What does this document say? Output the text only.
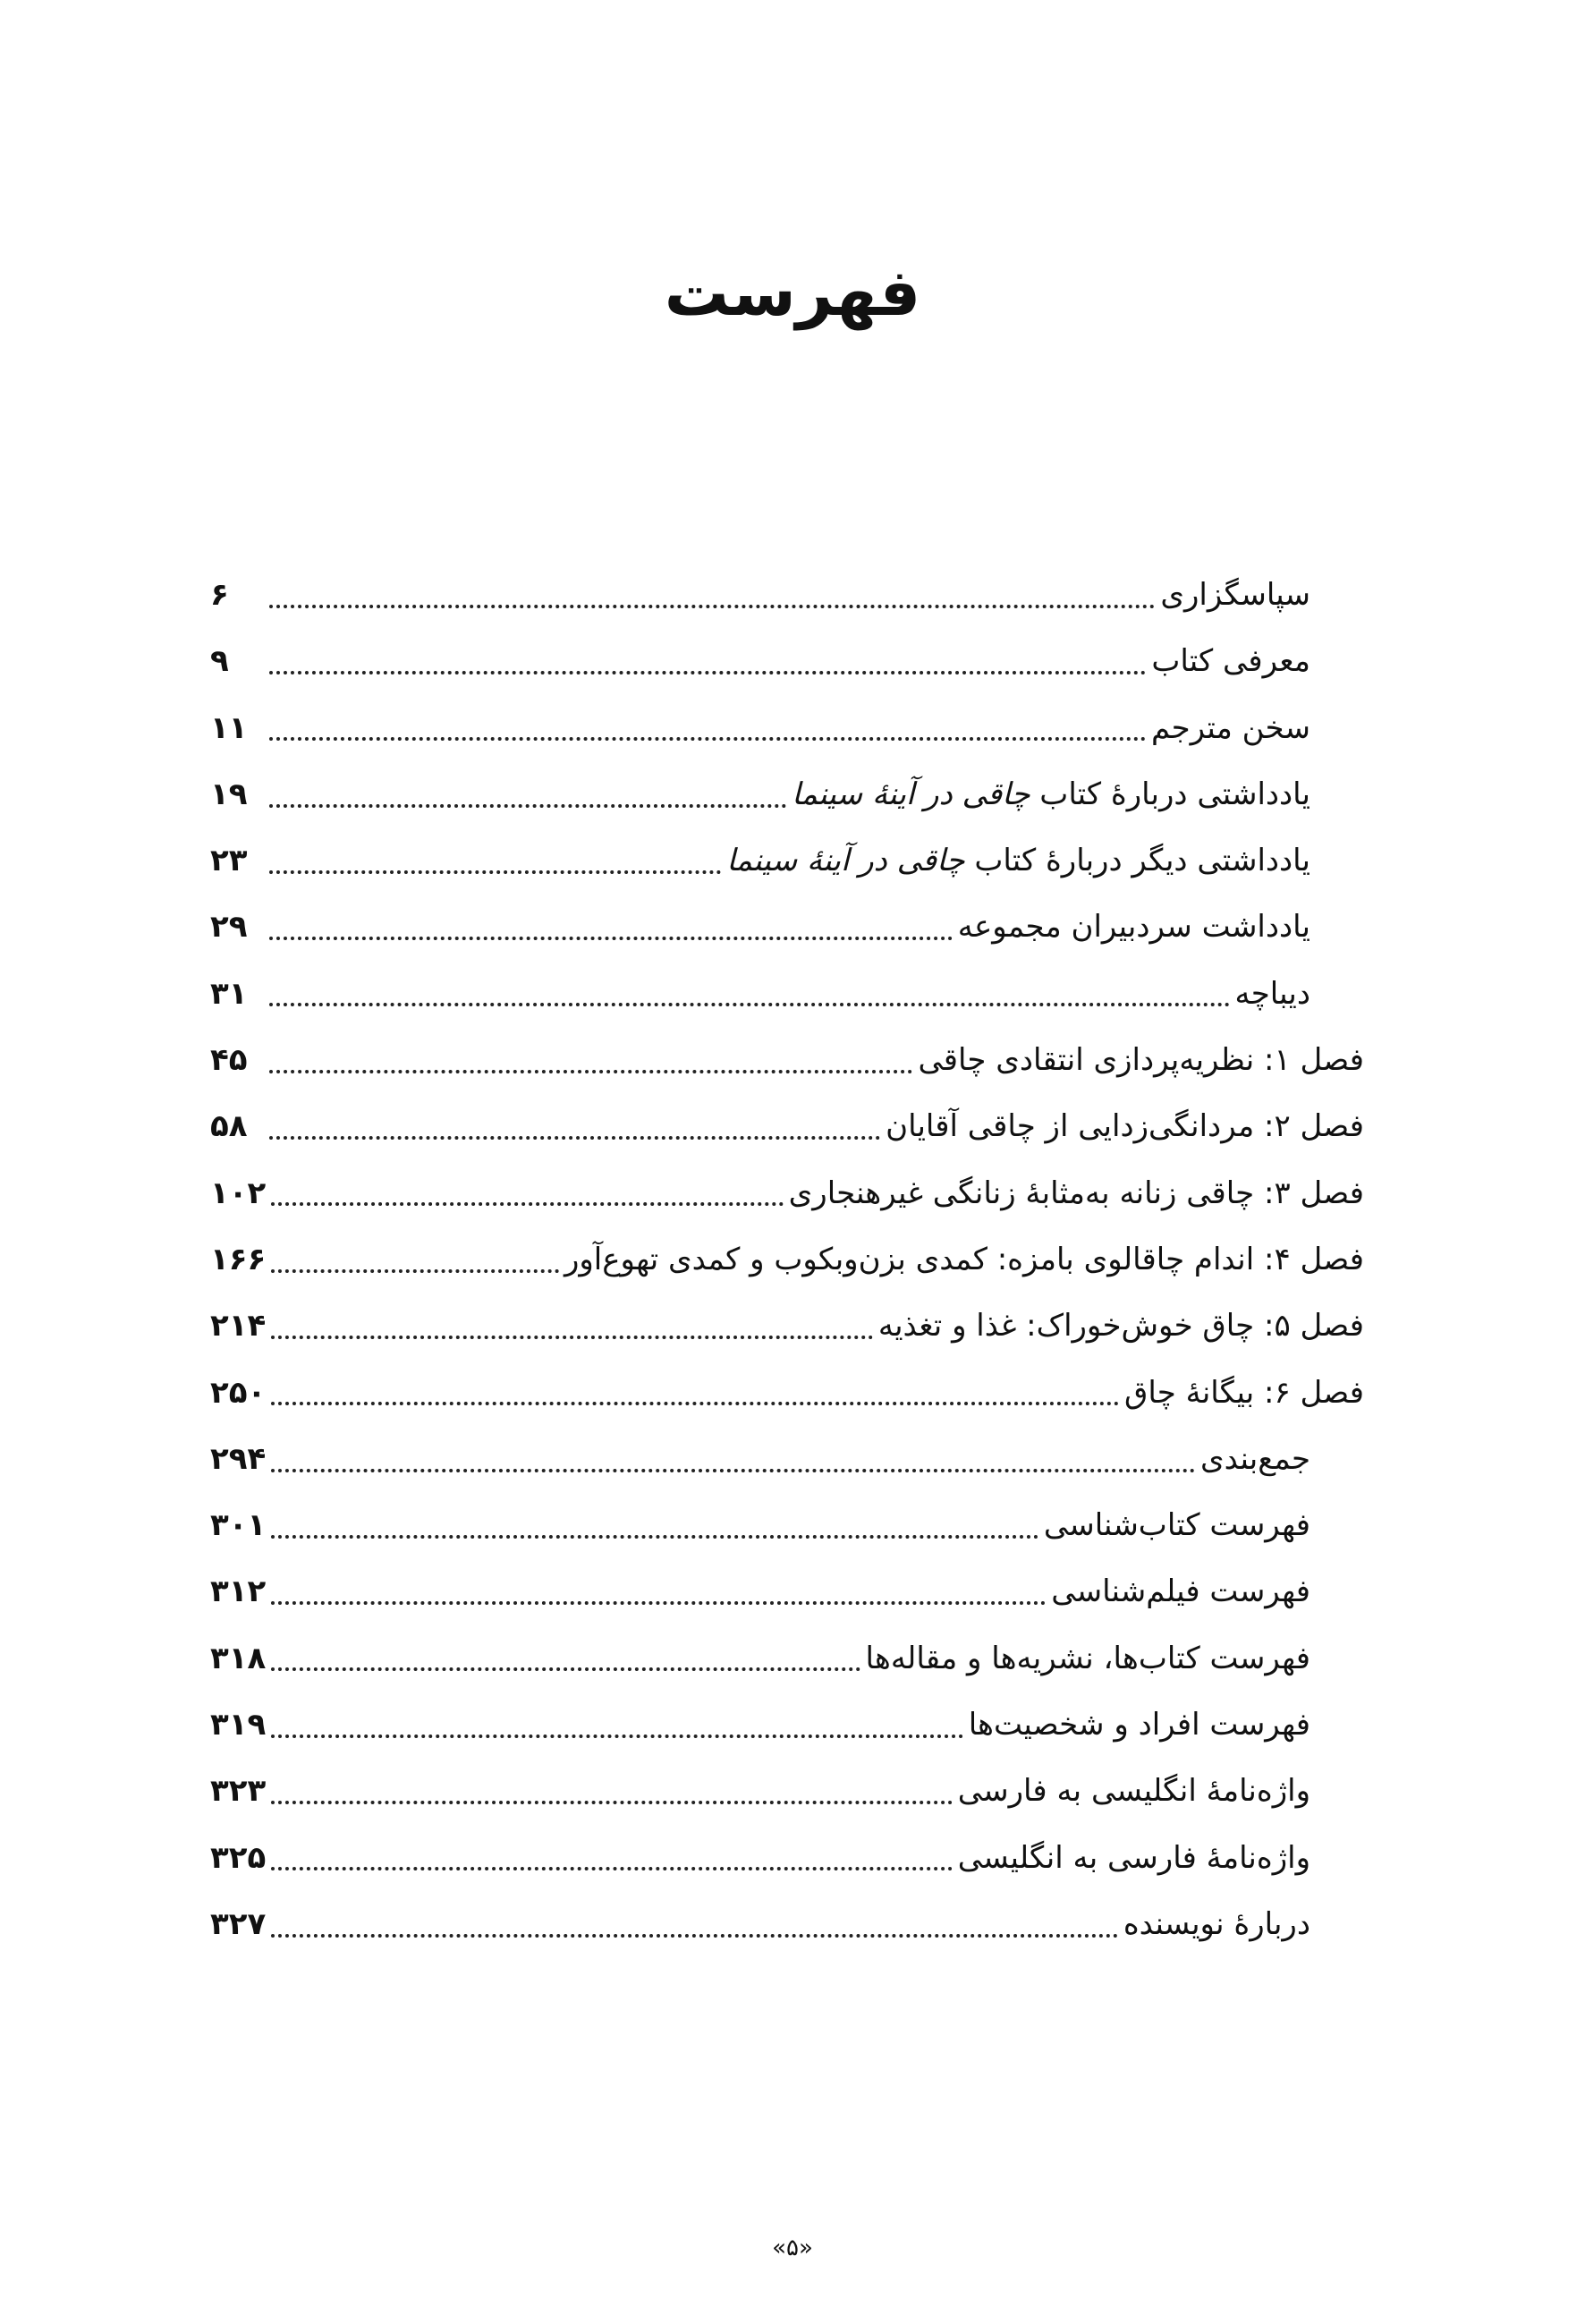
فهرست
سپاسگزاری
۶
معرفی کتاب
۹
سخن مترجم
۱۱
یادداشتی دربارهٔ کتاب چاقی در آینهٔ سینما
۱۹
یادداشتی دیگر دربارهٔ کتاب چاقی در آینهٔ سینما
۲۳
یادداشت سردبیران مجموعه
۲۹
دیباچه
۳۱
فصل ۱: نظریه‌پردازی انتقادی چاقی
۴۵
فصل ۲: مردانگی‌زدایی از چاقی آقایان
۵۸
فصل ۳: چاقی زنانه به‌مثابهٔ زنانگی غیرهنجاری
۱۰۲
فصل ۴: اندام چاقالوی بامزه: کمدی بزن‌وبکوب و کمدی تهوع‌آور
۱۶۶
فصل ۵: چاق خوش‌خوراک: غذا و تغذیه
۲۱۴
فصل ۶: بیگانهٔ چاق
۲۵۰
جمع‌بندی
۲۹۴
فهرست کتاب‌شناسی
۳۰۱
فهرست فیلم‌شناسی
۳۱۲
فهرست کتاب‌ها، نشریه‌ها و مقاله‌ها
۳۱۸
فهرست افراد و شخصیت‌ها
۳۱۹
واژه‌نامهٔ انگلیسی به فارسی
۳۲۳
واژه‌نامهٔ فارسی به انگلیسی
۳۲۵
دربارهٔ نویسنده
۳۲۷
«۵»
